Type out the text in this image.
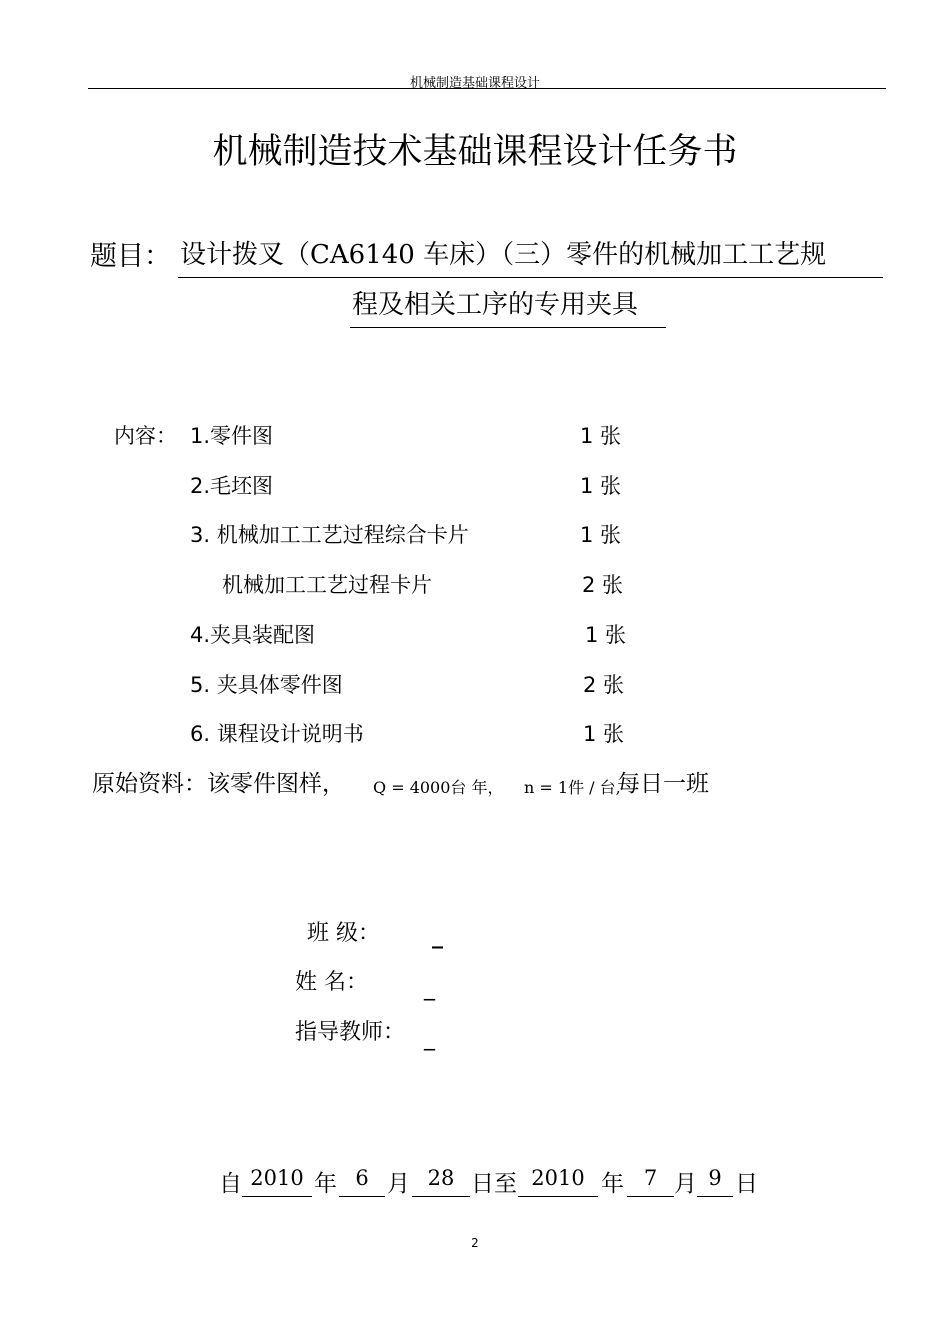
机械制造基础课程设计
机械制造技术基础课程设计任务书
题目： 设计拨叉（CA6140 车床）（三）零件的机械加工工艺规
程及相关工序的专用夹具
内容： 1.零件图	1 张
2.毛坯图	1 张
3. 机械加工工艺过程综合卡片	1 张
机械加工工艺过程卡片	2 张
4.夹具装配图	1 张
5. 夹具体零件图	2 张
6. 课程设计说明书	1 张
原始资料：该零件图样， Q = 4000台 年， n = 1件 / 台,
每日一班
班 级： _
姓 名：	_
指导教师： _
自 2010 年 6 月 28 日至 2010 年 7 月 9 日
2
